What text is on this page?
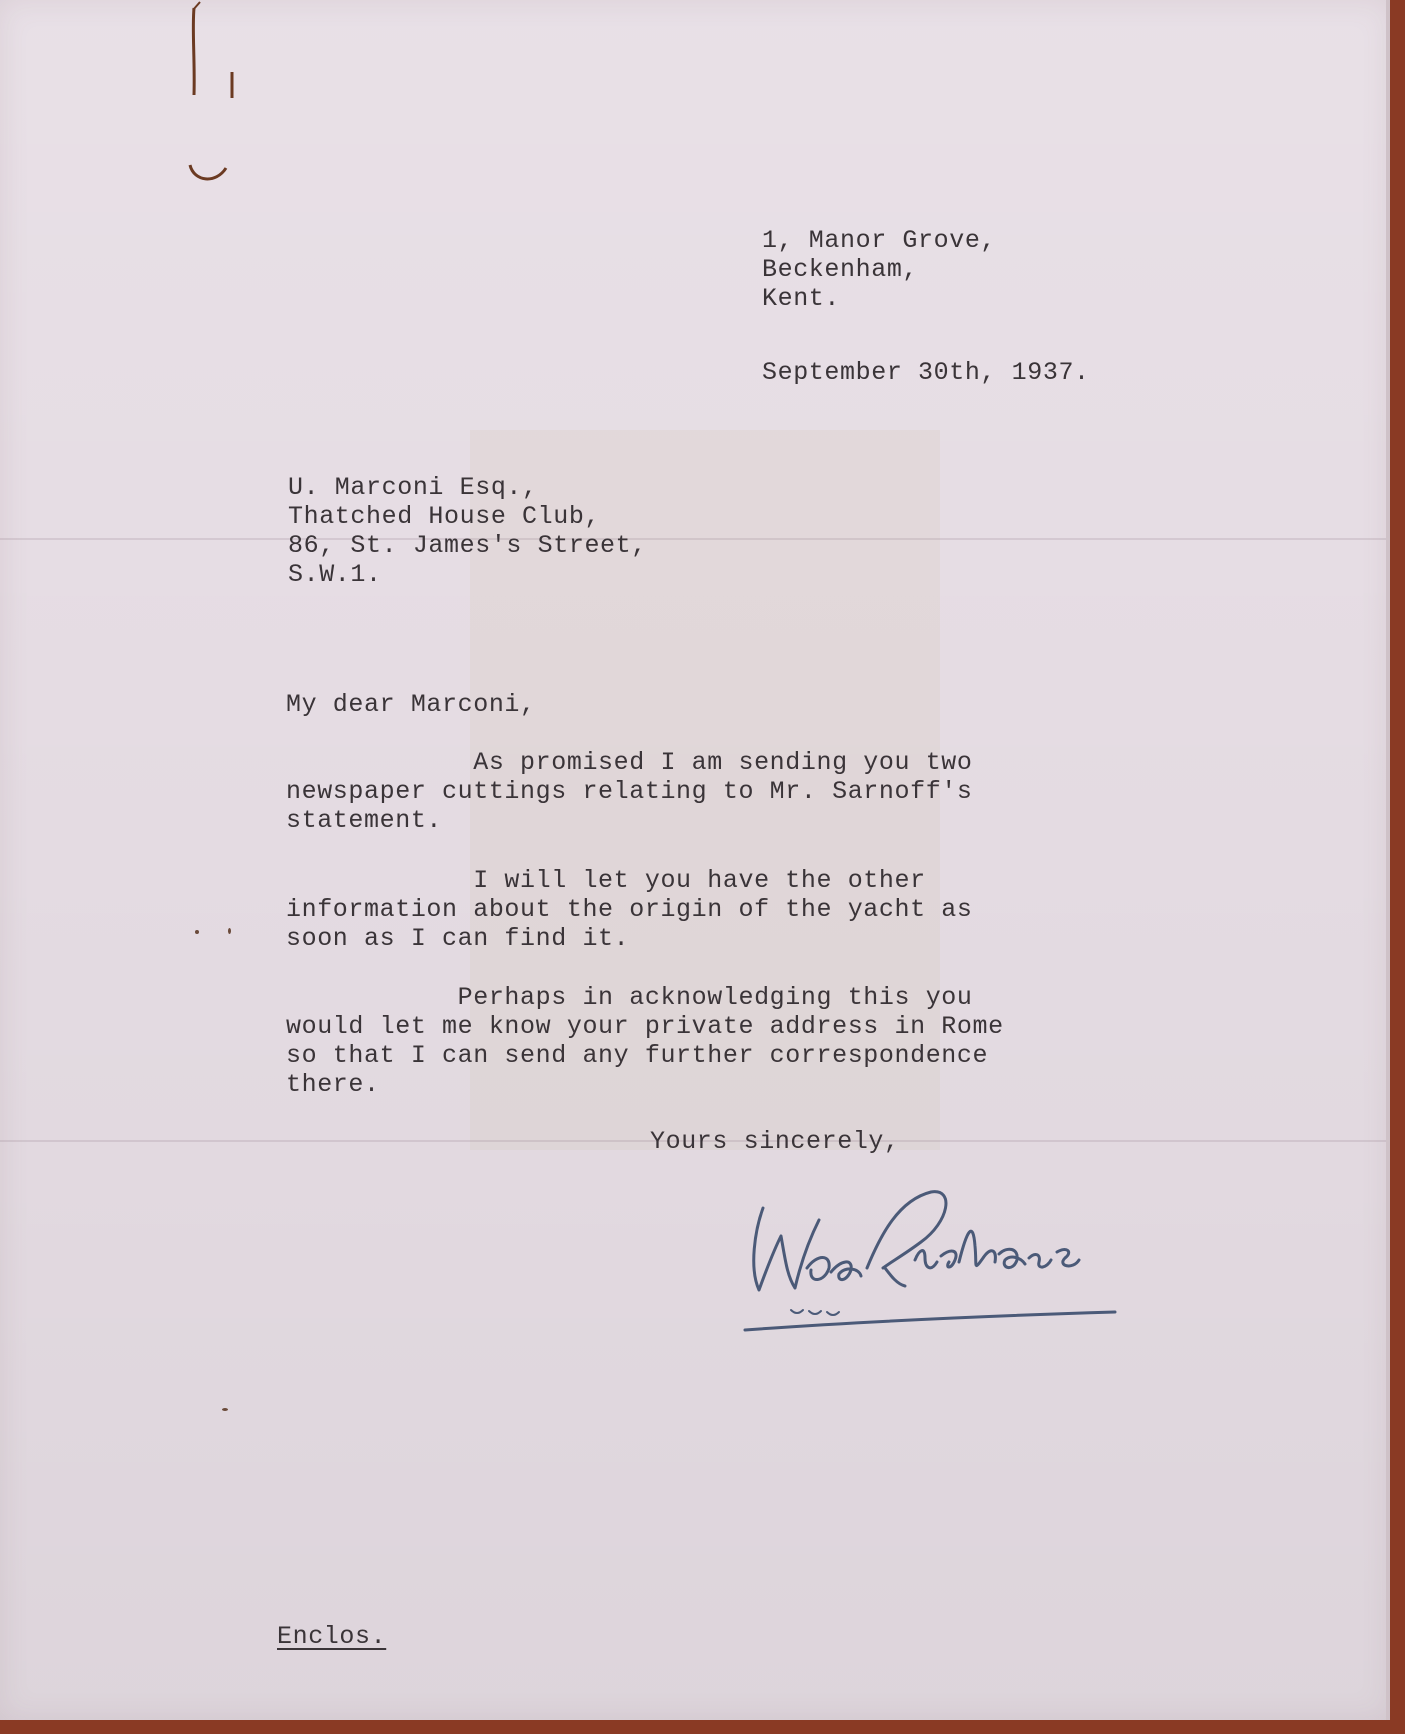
1, Manor Grove,
Beckenham,
Kent.
September 30th, 1937.
U. Marconi Esq.,
Thatched House Club,
86, St. James's Street,
S.W.1.
My dear Marconi,
As promised I am sending you two
newspaper cuttings relating to Mr. Sarnoff's
statement.
I will let you have the other
information about the origin of the yacht as
soon as I can find it.
Perhaps in acknowledging this you
would let me know your private address in Rome
so that I can send any further correspondence
there.
Yours sincerely,
Enclos.
